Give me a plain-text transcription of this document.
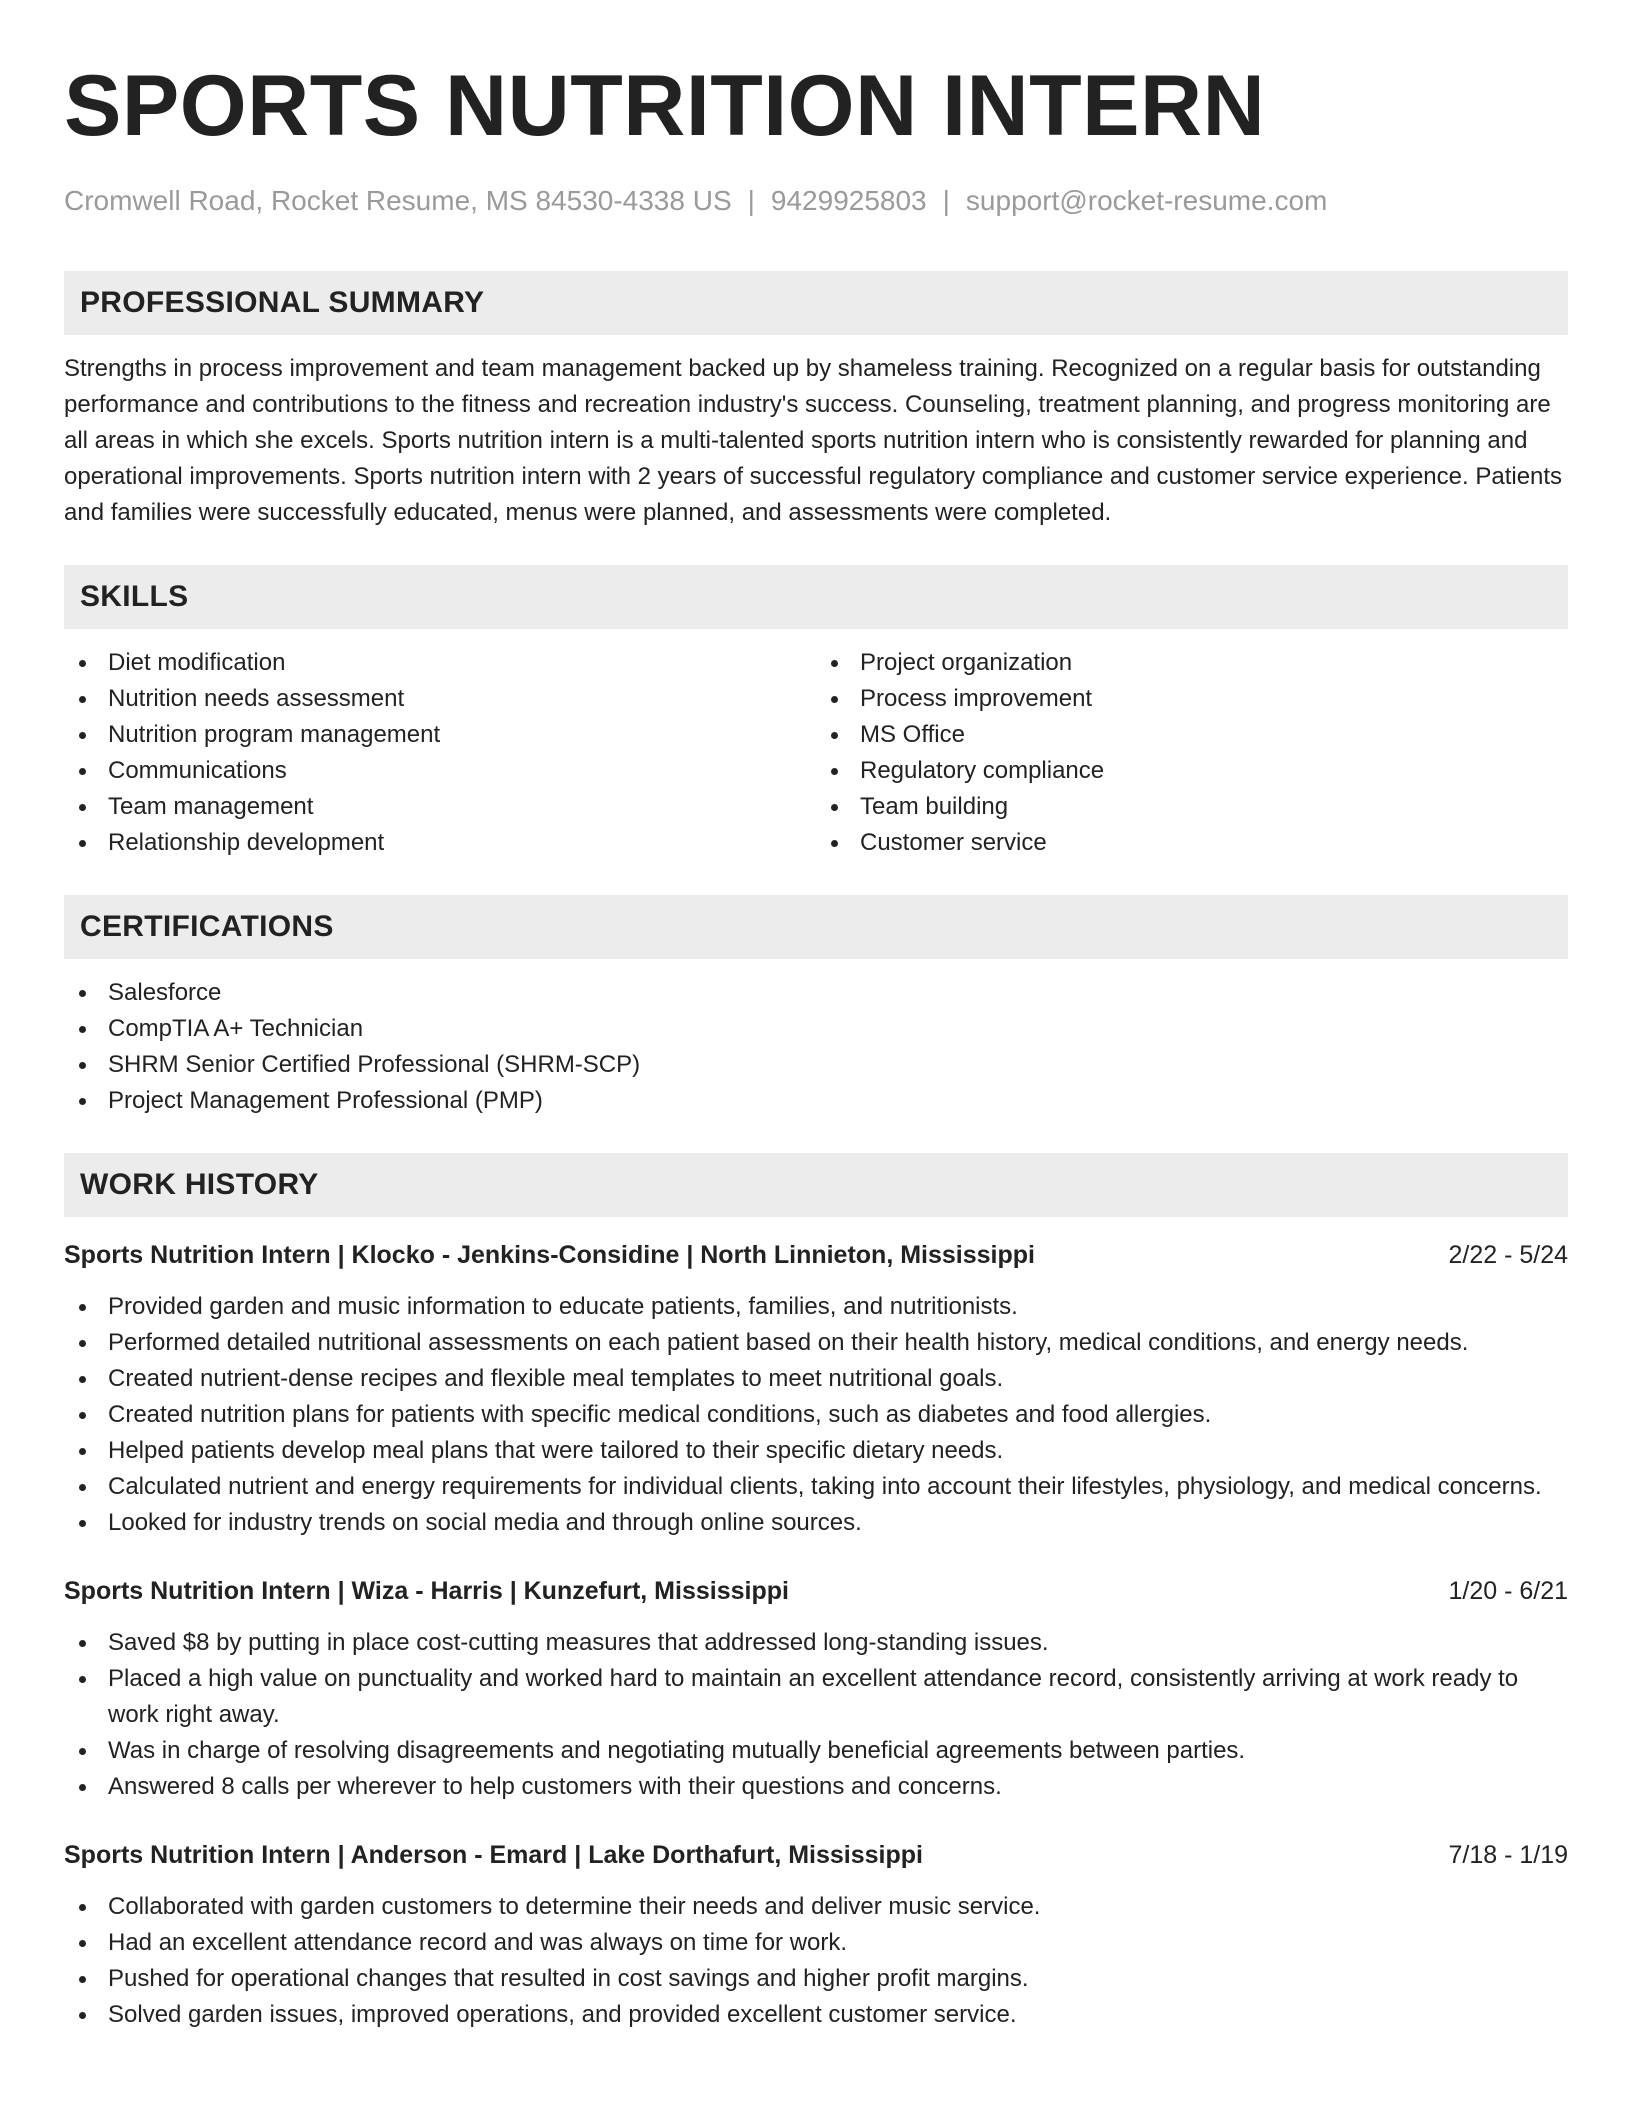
SPORTS NUTRITION INTERN
Cromwell Road, Rocket Resume, MS 84530-4338 US | 9429925803 | support@rocket-resume.com
PROFESSIONAL SUMMARY

Strengths in process improvement and team management backed up by shameless training. Recognized on a regular basis for outstanding performance and contributions to the fitness and recreation industry's success. Counseling, treatment planning, and progress monitoring are all areas in which she excels. Sports nutrition intern is a multi-talented sports nutrition intern who is consistently rewarded for planning and operational improvements. Sports nutrition intern with 2 years of successful regulatory compliance and customer service experience. Patients and families were successfully educated, menus were planned, and assessments were completed.

SKILLS
Diet modification
Nutrition needs assessment
Nutrition program management
Communications
Team management
Relationship development
Project organization
Process improvement
MS Office
Regulatory compliance
Team building
Customer service
CERTIFICATIONS
Salesforce
CompTIA A+ Technician
SHRM Senior Certified Professional (SHRM-SCP)
Project Management Professional (PMP)
WORK HISTORY
Sports Nutrition Intern | Klocko - Jenkins-Considine | North Linnieton, Mississippi	2/22 - 5/24
Provided garden and music information to educate patients, families, and nutritionists.
Performed detailed nutritional assessments on each patient based on their health history, medical conditions, and energy needs.
Created nutrient-dense recipes and flexible meal templates to meet nutritional goals.
Created nutrition plans for patients with specific medical conditions, such as diabetes and food allergies.
Helped patients develop meal plans that were tailored to their specific dietary needs.
Calculated nutrient and energy requirements for individual clients, taking into account their lifestyles, physiology, and medical concerns.
Looked for industry trends on social media and through online sources.
Sports Nutrition Intern | Wiza - Harris | Kunzefurt, Mississippi	1/20 - 6/21
Saved $8 by putting in place cost-cutting measures that addressed long-standing issues.
Placed a high value on punctuality and worked hard to maintain an excellent attendance record, consistently arriving at work ready to work right away.
Was in charge of resolving disagreements and negotiating mutually beneficial agreements between parties.
Answered 8 calls per wherever to help customers with their questions and concerns.
Sports Nutrition Intern | Anderson - Emard | Lake Dorthafurt, Mississippi	7/18 - 1/19
Collaborated with garden customers to determine their needs and deliver music service.
Had an excellent attendance record and was always on time for work.
Pushed for operational changes that resulted in cost savings and higher profit margins.
Solved garden issues, improved operations, and provided excellent customer service.
